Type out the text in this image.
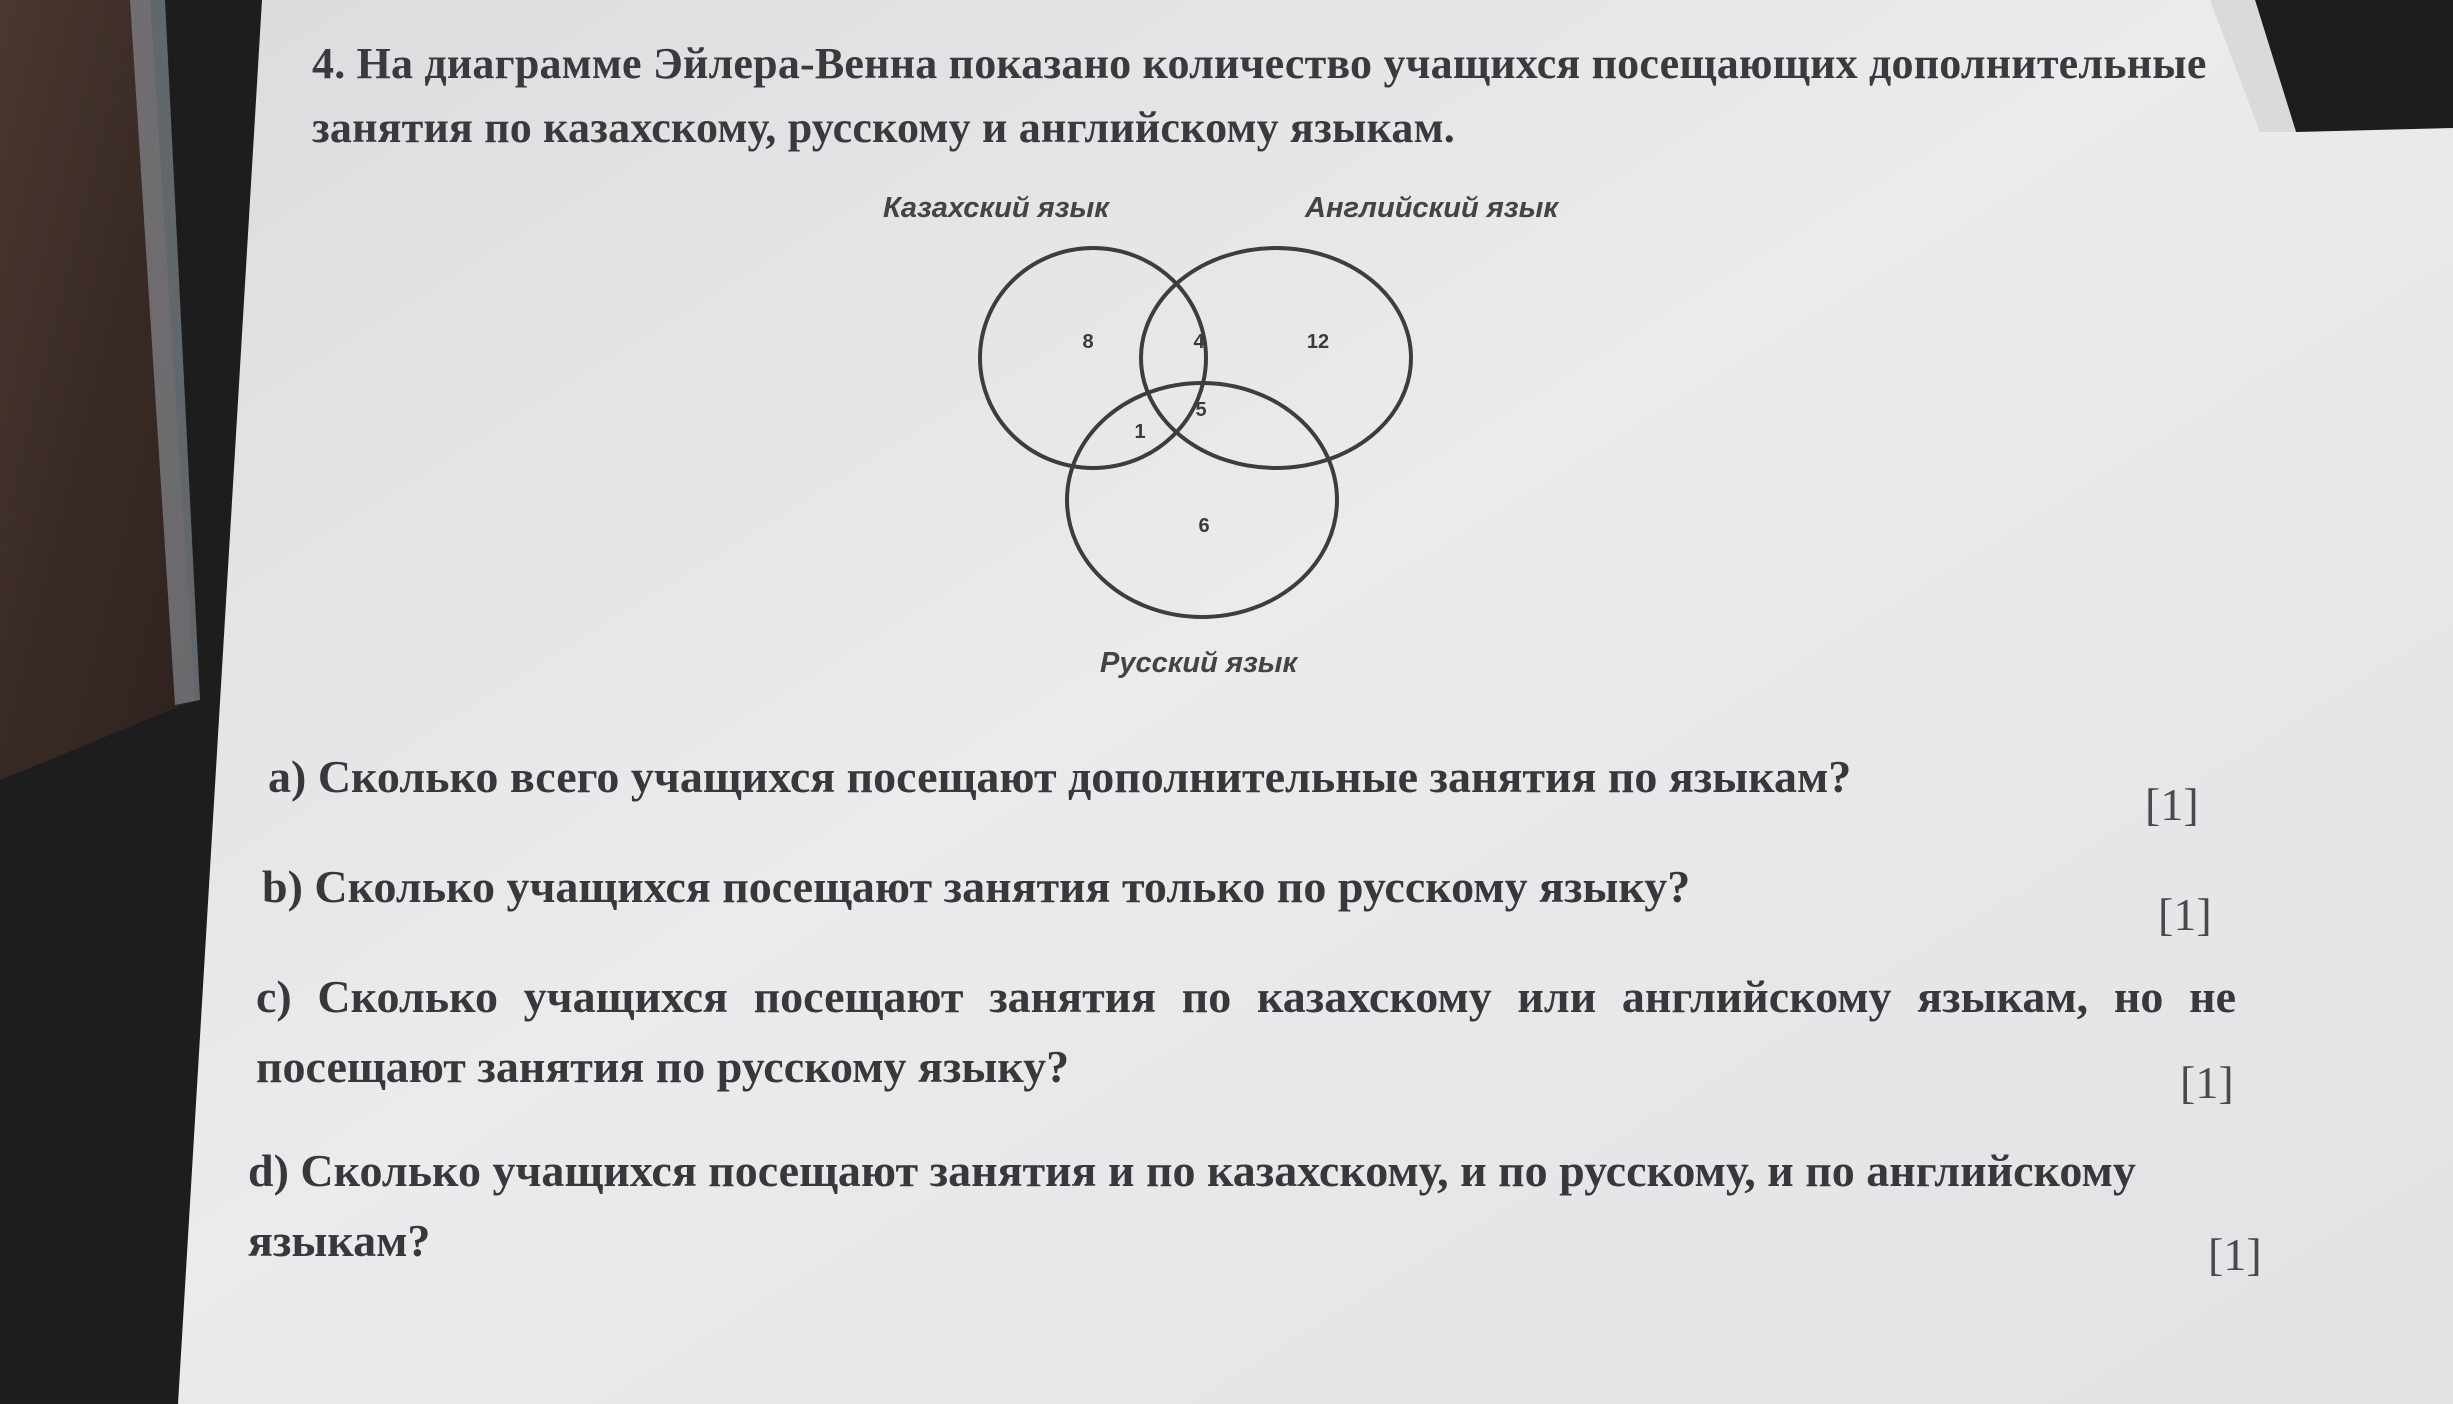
4. На диаграмме Эйлера-Венна показано количество учащихся посещающих дополнительные занятия по казахскому, русскому и английскому языкам.
Казахский язык	Английский язык
Русский язык
8	4	12
1
5
6
а) Сколько всего учащихся посещают дополнительные занятия по языкам?
[1]
b) Сколько учащихся посещают занятия только по русскому языку?
[1]
c) Сколько учащихся посещают занятия по казахскому или английскому языкам, но не посещают занятия по русскому языку?	[1]
d) Сколько учащихся посещают занятия и по казахскому, и по русскому, и по английскому языкам?	[1]
